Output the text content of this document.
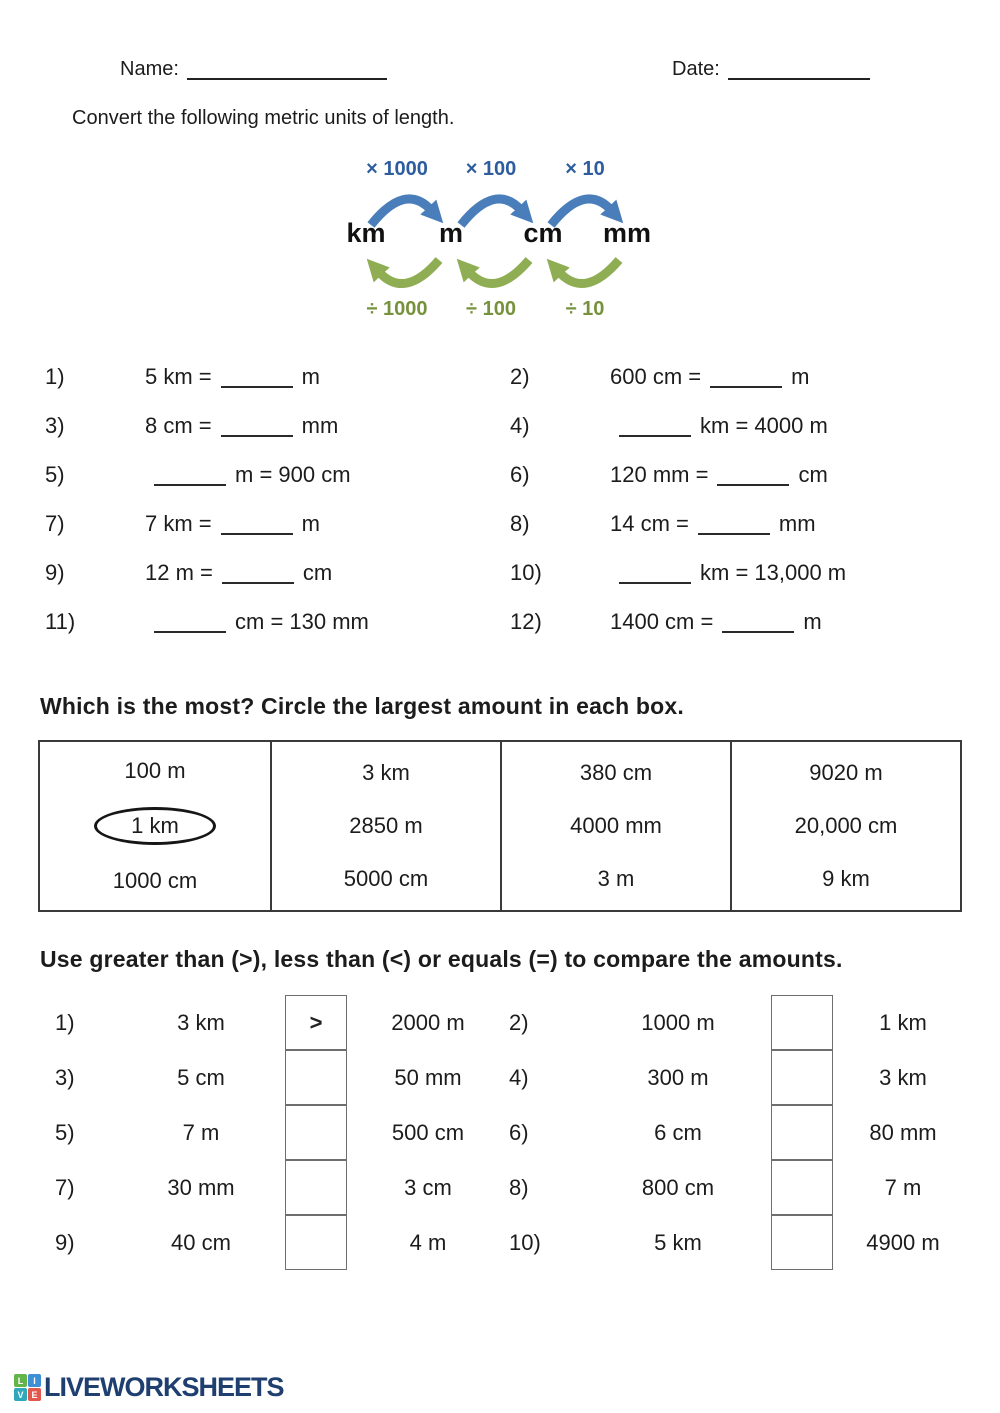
Name:	Date:
Convert the following metric units of length.
× 1000	× 100	× 10
km	m	cm	mm
÷ 1000	÷ 100	÷ 10
1)	5 km =	m	2)	600 cm =	m
3)	8 cm =	mm	4)	km = 4000 m
5)	m = 900 cm	6)	120 mm =	cm
7)	7 km =	m	8)	14 cm =	mm
9)	12 m =	cm	10)	km = 13,000 m
11)	cm = 130 mm	12)	1400 cm =	m
Which is the most? Circle the largest amount in each box.
100 m
1 km
1000 cm
3 km
2850 m
5000 cm
380 cm
4000 mm
3 m
9020 m
20,000 cm
9 km
Use greater than (>), less than (<) or equals (=) to compare the amounts.
1)	3 km	>	2000 m	2)	1000 m	1 km
3)	5 cm	50 mm	4)	300 m	3 km
5)	7 m	500 cm	6)	6 cm	80 mm
7)	30 mm	3 cm	8)	800 cm	7 m
9)	40 cm	4 m	10)	5 km	4900 m
L	I
V E LIVEWORKSHEETS
